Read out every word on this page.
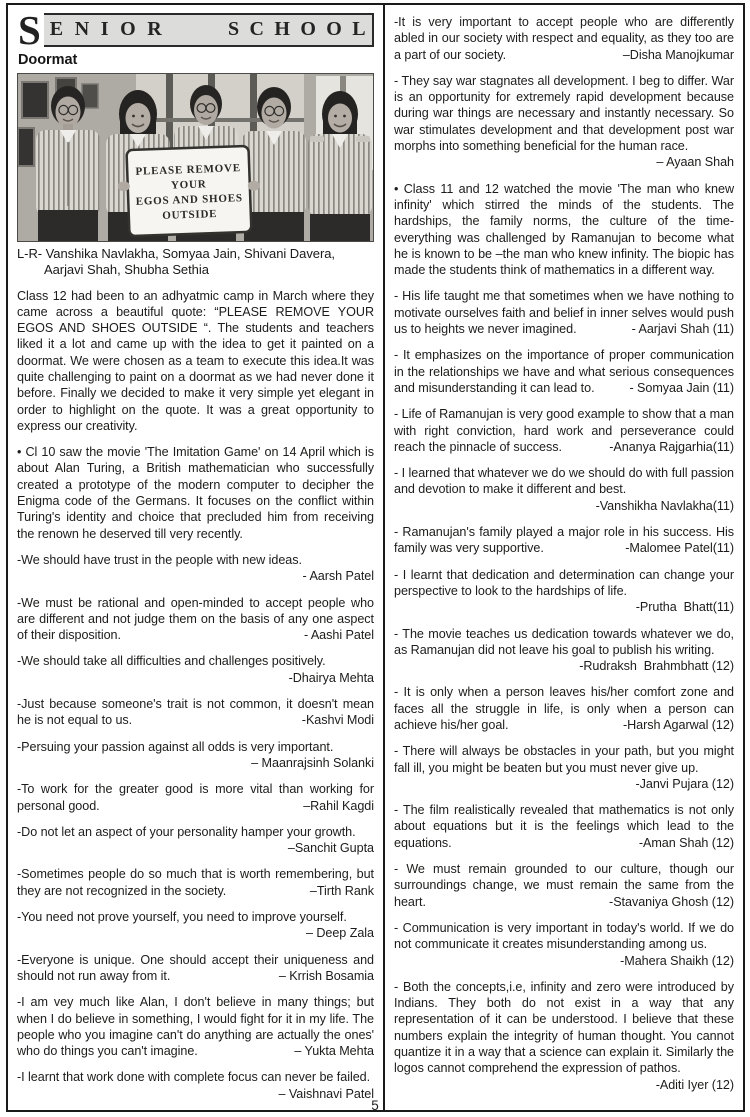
S ENIOR	SCHOOL
Doormat
PLEASE REMOVE
YOUR
EGOS AND SHOES
OUTSIDE
L-R- Vanshika Navlakha, Somyaa Jain, Shivani Davera,
Aarjavi Shah, Shubha Sethia
Class 12 had been to an adhyatmic camp in March where they came across a beautiful quote: “PLEASE REMOVE YOUR EGOS AND SHOES OUTSIDE “. The students and teachers liked it a lot and came up with the idea to get it painted on a doormat. We were chosen as a team to execute this idea.It was quite challenging to paint on a doormat as we had never done it before. Finally we decided to make it very simple yet elegant in order to highlight on the quote. It was a great opportunity to express our creativity.
• Cl 10 saw the movie 'The Imitation Game' on 14 April which is about Alan Turing, a British mathematician who successfully created a prototype of the modern computer to decipher the Enigma code of the Germans. It focuses on the conflict within Turing's identity and choice that precluded him from receiving the renown he deserved till very recently.
-We should have trust in the people with new ideas.
- Aarsh Patel
-We must be rational and open-minded to accept people who are different and not judge them on the basis of any one aspect of their disposition.	- Aashi Patel
-We should take all difficulties and challenges positively.
-Dhairya Mehta
-Just because someone's trait is not common, it doesn't mean he is not equal to us.	-Kashvi Modi
-Persuing your passion against all odds is very important.
– Maanrajsinh Solanki
-To work for the greater good is more vital than working for personal good.	–Rahil Kagdi
-Do not let an aspect of your personality hamper your growth.
–Sanchit Gupta
-Sometimes people do so much that is worth remembering, but they are not recognized in the society.	–Tirth Rank
-You need not prove yourself, you need to improve yourself.
– Deep Zala
-Everyone is unique. One should accept their uniqueness and should not run away from it.	– Krrish Bosamia
-I am vey much like Alan, I don't believe in many things; but when I do believe in something, I would fight for it in my life. The people who you imagine can't do anything are actually the ones' who do things you can't imagine.	– Yukta Mehta
-I learnt that work done with complete focus can never be failed.
– Vaishnavi Patel
-It is very important to accept people who are differently abled in our society with respect and equality, as they too are a part of our society.	–Disha Manojkumar
- They say war stagnates all development. I beg to differ. War is an opportunity for extremely rapid development because during war things are necessary and instantly necessary. So war stimulates development and that development post war morphs into something beneficial for the human race.
– Ayaan Shah
• Class 11 and 12 watched the movie 'The man who knew infinity' which stirred the minds of the students. The hardships, the family norms, the culture of the time- everything was challenged by Ramanujan to become what he is known to be –the man who knew infinity. The biopic has made the students think of mathematics in a different way.
- His life taught me that sometimes when we have nothing to motivate ourselves faith and belief in inner selves would push us to heights we never imagined.	- Aarjavi Shah (11)
- It emphasizes on the importance of proper communication in the relationships we have and what serious consequences and misunderstanding it can lead to.	- Somyaa Jain (11)
- Life of Ramanujan is very good example to show that a man with right conviction, hard work and perseverance could reach the pinnacle of success.	-Ananya Rajgarhia(11)
- I learned that whatever we do we should do with full passion and devotion to make it different and best.
-Vanshikha Navlakha(11)
- Ramanujan's family played a major role in his success. His family was very supportive.	-Malomee Patel(11)
- I learnt that dedication and determination can change your perspective to look to the hardships of life.
-Prutha  Bhatt(11)
- The movie teaches us dedication towards whatever we do, as Ramanujan did not leave his goal to publish his writing.
-Rudraksh  Brahmbhatt (12)
- It is only when a person leaves his/her comfort zone and faces all the struggle in life, is only when a person can achieve his/her goal.	-Harsh Agarwal (12)
- There will always be obstacles in your path, but you might fall ill, you might be beaten but you must never give up.
-Janvi Pujara (12)
- The film realistically revealed that mathematics is not only about equations but it is the feelings which lead to the equations.	-Aman Shah (12)
- We must remain grounded to our culture, though our surroundings change, we must remain the same from the heart.	-Stavaniya Ghosh (12)
- Communication is very important in today's world. If we do not communicate it creates misunderstanding among us.
-Mahera Shaikh (12)
- Both the concepts,i.e, infinity and zero were introduced by Indians. They both do not exist in a way that any representation of it can be understood. I believe that these numbers explain the integrity of human thought. You cannot quantize it in a way that a science can explain it. Similarly the logos cannot comprehend the expression of pathos.
-Aditi Iyer (12)
5
